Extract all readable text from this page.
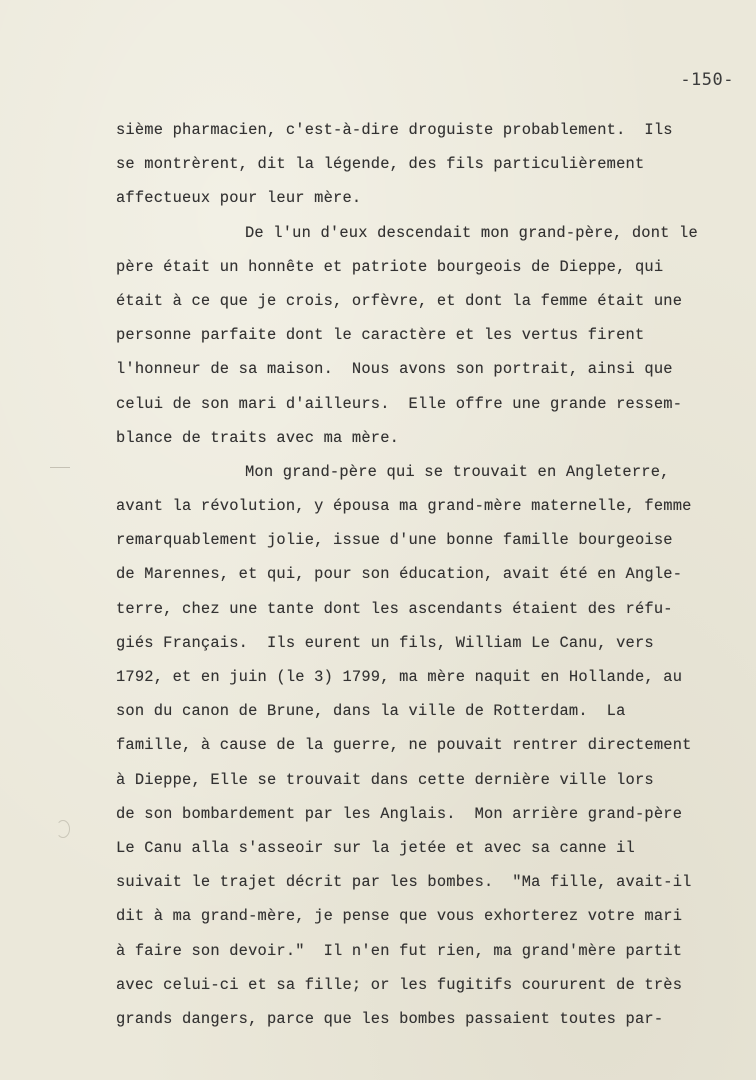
-150-
sième pharmacien, c'est-à-dire droguiste probablement.  Ils
se montrèrent, dit la légende, des fils particulièrement
affectueux pour leur mère.
De l'un d'eux descendait mon grand-père, dont le
père était un honnête et patriote bourgeois de Dieppe, qui
était à ce que je crois, orfèvre, et dont la femme était une
personne parfaite dont le caractère et les vertus firent
l'honneur de sa maison.  Nous avons son portrait, ainsi que
celui de son mari d'ailleurs.  Elle offre une grande ressem-
blance de traits avec ma mère.
Mon grand-père qui se trouvait en Angleterre,
avant la révolution, y épousa ma grand-mère maternelle, femme
remarquablement jolie, issue d'une bonne famille bourgeoise
de Marennes, et qui, pour son éducation, avait été en Angle-
terre, chez une tante dont les ascendants étaient des réfu-
giés Français.  Ils eurent un fils, William Le Canu, vers
1792, et en juin (le 3) 1799, ma mère naquit en Hollande, au
son du canon de Brune, dans la ville de Rotterdam.  La
famille, à cause de la guerre, ne pouvait rentrer directement
à Dieppe, Elle se trouvait dans cette dernière ville lors
de son bombardement par les Anglais.  Mon arrière grand-père
Le Canu alla s'asseoir sur la jetée et avec sa canne il
suivait le trajet décrit par les bombes.  "Ma fille, avait-il
dit à ma grand-mère, je pense que vous exhorterez votre mari
à faire son devoir."  Il n'en fut rien, ma grand'mère partit
avec celui-ci et sa fille; or les fugitifs coururent de très
grands dangers, parce que les bombes passaient toutes par-
